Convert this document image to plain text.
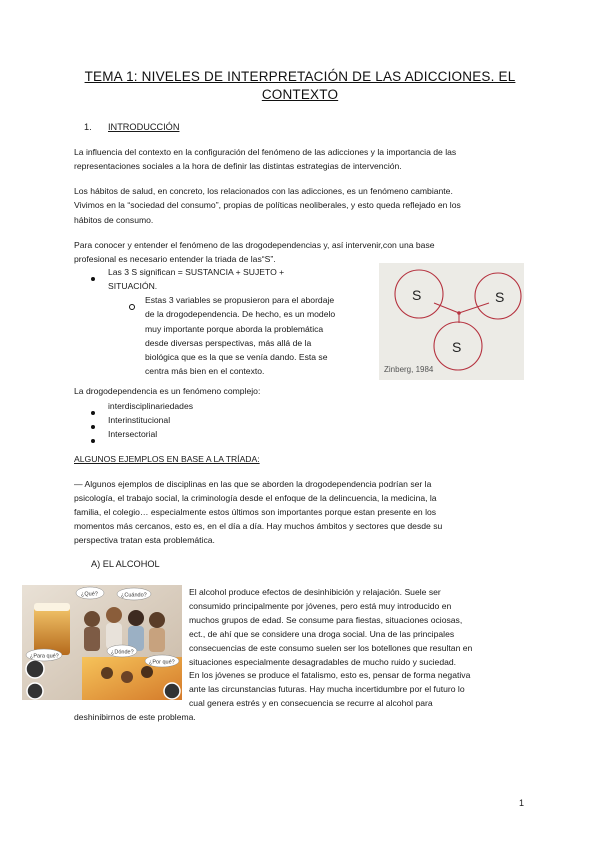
TEMA 1: NIVELES DE INTERPRETACIÓN DE LAS ADICCIONES. EL
CONTEXTO
1. INTRODUCCIÓN
La influencia del contexto en la configuración del fenómeno de las adicciones y la importancia de las
representaciones sociales a la hora de definir las distintas estrategias de intervención.
Los hábitos de salud, en concreto, los relacionados con las adicciones, es un fenómeno cambiante.
Vivimos en la “sociedad del consumo”, propias de políticas neoliberales, y esto queda reflejado en los
hábitos de consumo.
Para conocer y entender el fenómeno de las drogodependencias y, así intervenir,con una base
profesional es necesario entender la triada de las“S”.
Las 3 S significan = SUSTANCIA + SUJETO +
SITUACIÓN.
Estas 3 variables se propusieron para el abordaje
de la drogodependencia. De hecho, es un modelo
muy importante porque aborda la problemática
desde diversas perspectivas, más allá de la
biológica que es la que se venía dando. Esta se
centra más bien en el contexto.
S	S
S
Zinberg, 1984
La drogodependencia es un fenómeno complejo:
interdisciplinariedades
Interinstitucional
Intersectorial
ALGUNOS EJEMPLOS EN BASE A LA TRÍADA:
— Algunos ejemplos de disciplinas en las que se aborden la drogodependencia podrían ser la
psicología, el trabajo social, la criminología desde el enfoque de la delincuencia, la medicina, la
familia, el colegio… especialmente estos últimos son importantes porque estan presente en los
momentos más cercanos, esto es, en el día a día. Hay muchos ámbitos y sectores que desde su
perspectiva tratan esta problemática.
A) EL ALCOHOL
¿Qué?	¿Cuándo?
¿Para qué?
¿Dónde?
¿Por qué?
El alcohol produce efectos de desinhibición y relajación. Suele ser
consumido principalmente por jóvenes, pero está muy introducido en
muchos grupos de edad. Se consume para fiestas, situaciones ociosas,
ect., de ahí que se considere una droga social. Una de las principales
consecuencias de este consumo suelen ser los botellones que resultan en
situaciones especialmente desagradables de mucho ruido y suciedad.
En los jóvenes se produce el fatalismo, esto es, pensar de forma negativa
ante las circunstancias futuras. Hay mucha incertidumbre por el futuro lo
cual genera estrés y en consecuencia se recurre al alcohol para
deshinibirnos de este problema.
1
